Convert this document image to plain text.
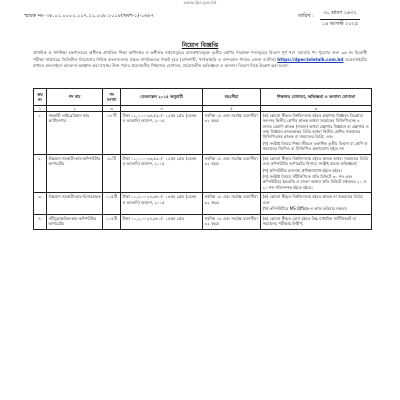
www.dpe.gov.bd
স্মারক নং- ৩৮.০১.০০০০.১০৭.১১.০০৮.২০১৮(অংশ-১)-১৬৮৭	তারিখ :	৩০ শ্রাবণ ১৪৩২
১৪ আগস্ট ২০২৫
নিয়োগ বিজ্ঞপ্তি
প্রাথমিক ও গণশিক্ষা মন্ত্রণালয়ের অধীনস্থ প্রাথমিক শিক্ষা অধিদপ্তর ও অধীনস্থ দপ্তরসমূহের রাজস্বখাতভুক্ত তৃতীয় শ্রেণির নিম্নোক্ত পদসমূহের বিবরণ পূর্ণ পদে সরাসরি পদ পূরণের জন্য ৩৬ নং বিরোধী পরীক্ষা সার্ভারের ডিজিটাল নিয়োগের নিমিত্ত বাংলাদেশের প্রকৃত নাগরিকদের নিকট হতে (রাজশাহী, খাগড়াছড়ি ও বান্দরবান পার্বত্য জেলা ব্যতীত) https://dper.teletalk.com.bd ওয়েবসাইটের মাধ্যমে অনলাইনে আবেদন আহ্বান করা যাচ্ছে। উক্ত পদের প্রয়োজনীয় শিক্ষাগত যোগ্যতা, প্রয়োজনীয় অভিজ্ঞতা ও অন্যান্য বিবরণ নিম্নে উল্লেখ করা হলো:
ক্রম নং	পদ নাম	পদ সংখ্যা	বেতনস্কেল ২০১৫ অনুযায়ী	বয়ঃসীমা	শিক্ষাগত যোগ্যতা, অভিজ্ঞতা ও অন্যান্য যোগ্যতা
১	২	৩	৪	৫	৬
১.	সহকারী লাইব্রেরিয়ান কাম ক্যাটালগার	০৪ টি	টাকা ১১,০০০-২৬,৫৯০/- ১২তম গ্রেড (বেতন ও ভাতাদি) আদেশ, ২০১৫	সর্বনিম্ন ১৮ এবং সর্বোচ্চ বয়সসীমা ৩২ বছর।	(ক) কোনো স্বীকৃত বিশ্ববিদ্যালয় হইতে গ্রন্থাগার বিজ্ঞানে ডিপ্লোমা সনদসহ দ্বিতীয় শ্রেণির স্নাতক অথবা সমমানের সিজিপিএসহ ৪ বৎসর মেয়াদি স্নাতক (সম্মান) অথবা গ্রন্থাগার বিজ্ঞানে বা গ্রন্থাগার ও তথ্য বিজ্ঞানে স্নাতকোত্তর ডিগ্রি অথবা দ্বিতীয় শ্রেণির সমমানের সিজিপিএসহ স্নাতক বা সমমানের ডিগ্রি; এবং

(খ) সংশ্লিষ্ট বিষয়ে শিক্ষা জীবনে একাধিক তৃতীয় বিভাগ বা শ্রেণি বা সমমানের জিপিএ বা সিজিপিএ গ্রহণযোগ্য হইবে না।

২.	উচ্চমান সহকারী-কাম-কম্পিউটার অপারেটর	৩১টি	টাকা ১১,০০০-২৬,৫৯০/- ১২তম গ্রেড (বেতন ও ভাতাদি) আদেশ, ২০১৫	সর্বনিম্ন ১৮ এবং সর্বোচ্চ বয়সসীমা ৩২ বছর।	(ক) কোনো স্বীকৃত বিশ্ববিদ্যালয় হইতে স্নাতক অথবা সমমানের ডিগ্রি এবং কম্পিউটার অপারেটর হিসাবে সংশ্লিষ্ট কাজে অভিজ্ঞতা;

(খ) কম্পিউটার চালনায় প্রশিক্ষণপ্রাপ্ত হইতে হইবে।

(গ) সংশ্লিষ্ট বিষয়ে সাঁটলিপিতে প্রতি মিনিটে ৩০ শব্দ এবং কম্পিউটারে ইংরেজি ও বাংলা ভাষায় প্রতি মিনিটে যথাক্রমে ২০ ও ২০ শব্দ গতিসম্পন্ন হইতে হইবে।

৩.	উচ্চমান সহকারী-কাম-হিসাবরক্ষক	১১৫টি	টাকা ১০,২০০-২৪,৬৮০/- ১৪তম গ্রেড (বেতন ও ভাতাদি) আদেশ, ২০১৫	সর্বনিম্ন ১৮ এবং সর্বোচ্চ বয়সসীমা ৩২ বছর।	(ক) কোনো স্বীকৃত বিশ্ববিদ্যালয় হইতে স্নাতক বা সমমানের ডিগ্রি; এবং

(খ) কম্পিউটারে MS Office-এ কাজ করিবার দক্ষতা।

৪.	সাঁটমুদ্রাক্ষরিক-কাম-কম্পিউটার অপারেটর	১০৫টি	টাকা ১০,২০০-২৪,৬৮০/- ১৪তম গ্রেড	সর্বনিম্ন ১৮ এবং সর্বোচ্চ বয়সসীমা ৩২ বছর।	(ক) কোনো স্বীকৃত বোর্ড হইতে উচ্চ মাধ্যমিক সার্টিফিকেট বা সমমানের পরীক্ষায় উত্তীর্ণ;
